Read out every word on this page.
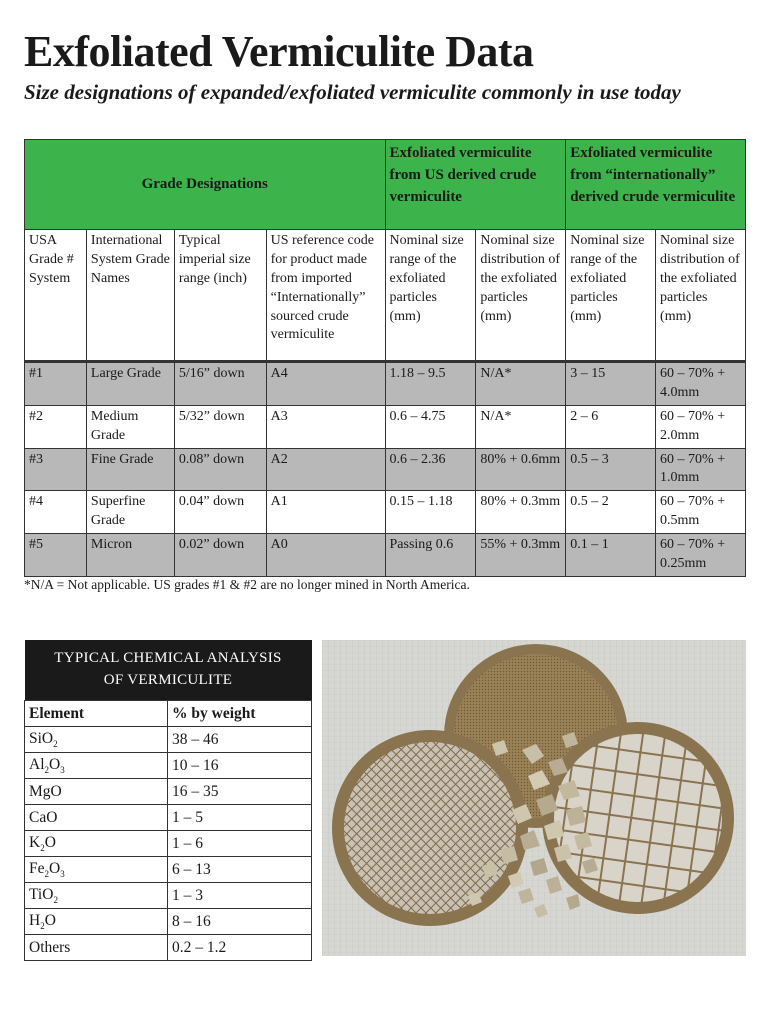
Exfoliated Vermiculite Data

Size designations of expanded/exfoliated vermiculite commonly in use today

Grade Designations				Exfoliated vermiculite from US derived crude vermiculite		Exfoliated vermiculite from “internationally” derived crude vermiculite	
USA Grade # System	International System Grade Names	Typical imperial size range (inch)	US reference code for product made from imported “Internationally” sourced crude vermiculite	Nominal size range of the exfoliated particles (mm)	Nominal size distribution of the exfoliated particles (mm)	Nominal size range of the exfoliated particles (mm)	Nominal size distribution of the exfoliated particles (mm)
#1	Large Grade	5/16” down	A4	1.18 – 9.5	N/A*	3 – 15	60 – 70% + 4.0mm
#2	Medium Grade	5/32” down	A3	0.6 – 4.75	N/A*	2 – 6	60 – 70% + 2.0mm
#3	Fine Grade	0.08” down	A2	0.6 – 2.36	80% + 0.6mm	0.5 – 3	60 – 70% + 1.0mm
#4	Superfine Grade	0.04” down	A1	0.15 – 1.18	80% + 0.3mm	0.5 – 2	60 – 70% + 0.5mm
#5	Micron	0.02” down	A0	Passing 0.6	55% + 0.3mm	0.1 – 1	60 – 70% + 0.25mm

*N/A = Not applicable. US grades #1 & #2 are no longer mined in North America.

TYPICAL CHEMICAL ANALYSIS
OF VERMICULITE	
Element	% by weight
SiO$_2$	38 – 46
$Al_2O_3$	10 – 16
MgO	16 – 35
CaO	1 – 5
$K_2O$	1 – 6
$Fe_2O_3$	6 – 13
TiO$_2$	1 – 3
$H_2O$	8 – 16
Others	0.2 – 1.2
